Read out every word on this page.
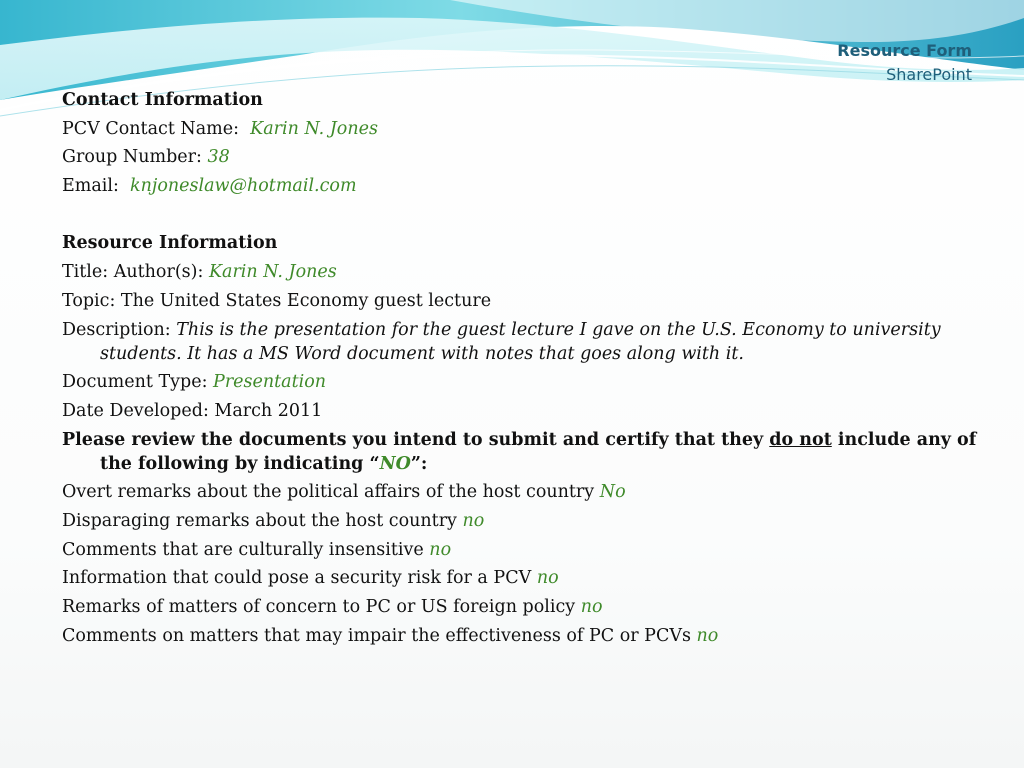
Resource Form
SharePoint
Contact Information
PCV Contact Name: Karin N. Jones
Group Number: 38
Email: knjoneslaw@hotmail.com
Resource Information
Title: Author(s): Karin N. Jones
Topic: The United States Economy guest lecture
Description: This is the presentation for the guest lecture I gave on the U.S. Economy to university students. It has a MS Word document with notes that goes along with it.
Document Type: Presentation
Date Developed: March 2011
Please review the documents you intend to submit and certify that they do not include any of the following by indicating “NO”:
Overt remarks about the political affairs of the host country No
Disparaging remarks about the host country no
Comments that are culturally insensitive no
Information that could pose a security risk for a PCV no
Remarks of matters of concern to PC or US foreign policy no
Comments on matters that may impair the effectiveness of PC or PCVs no
